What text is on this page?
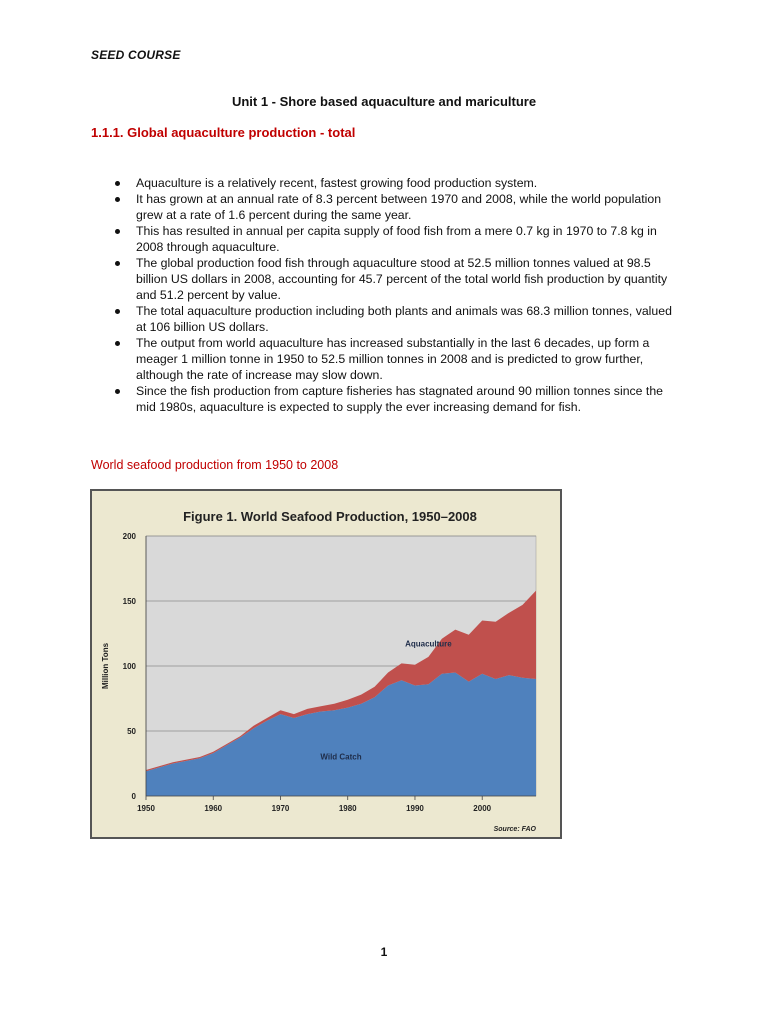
SEED COURSE
Unit 1 - Shore based aquaculture and mariculture
1.1.1. Global aquaculture production - total
Aquaculture is a relatively recent, fastest growing food production system.
It has grown at an annual rate of 8.3 percent between 1970 and 2008, while the world population grew at a rate of 1.6 percent during the same year.
This has resulted in annual per capita supply of food fish from a mere 0.7 kg in 1970 to 7.8 kg in 2008 through aquaculture.
The global production food fish through aquaculture stood at 52.5 million tonnes valued at 98.5 billion US dollars in 2008, accounting for 45.7 percent of the total world fish production by quantity and 51.2 percent by value.
The total aquaculture production including both plants and animals was 68.3 million tonnes, valued at 106 billion US dollars.
The output from world aquaculture has increased substantially in the last 6 decades, up form a meager 1 million tonne in 1950 to 52.5 million tonnes in 2008 and is predicted to grow further, although the rate of increase may slow down.
Since the fish production from capture fisheries has stagnated around 90 million tonnes since the mid 1980s, aquaculture is expected to supply the ever increasing demand for fish.
World seafood production from 1950 to 2008
Figure 1. World Seafood Production, 1950–2008
0
50
100
150
200
1950	1960	1970	1980	1990	2000
Wild Catch
Aquaculture
Million Tons
Source: FAO
1
